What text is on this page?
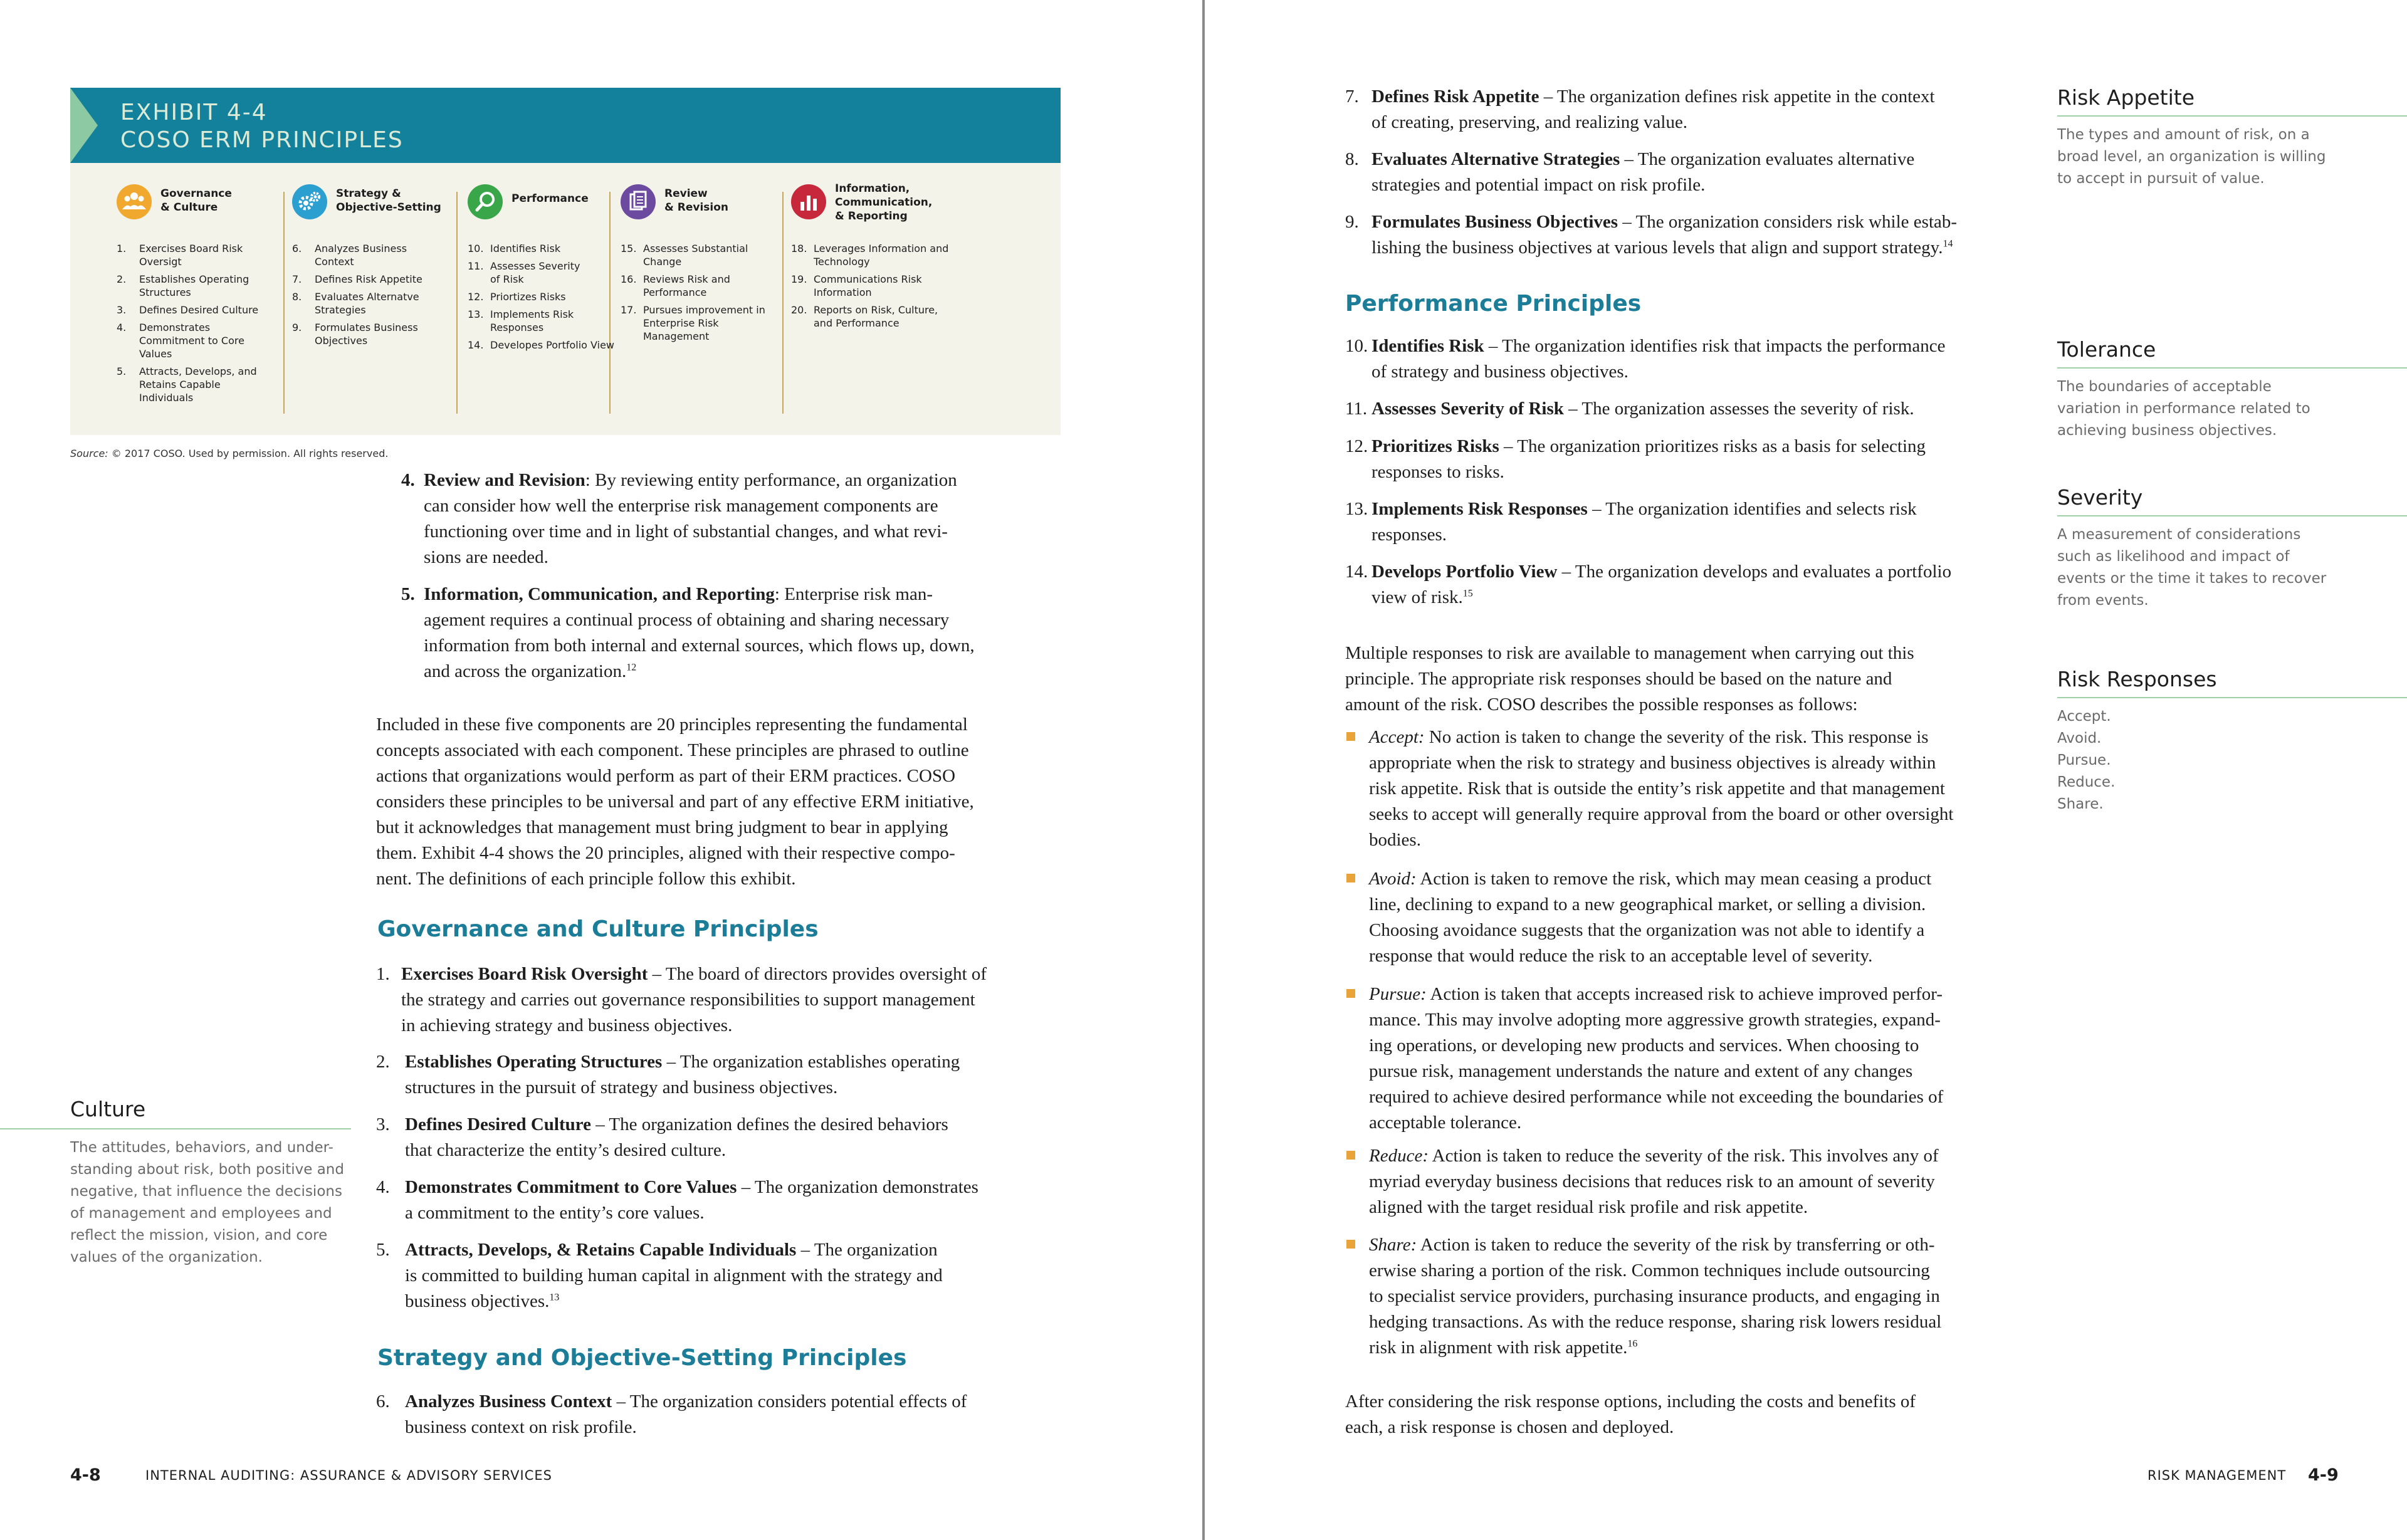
EXHIBIT 4-4
COSO ERM PRINCIPLES
Governance
& Culture
1. Exercises Board Risk Oversigt
2. Establishes Operating Structures
3. Defines Desired Culture
4. Demonstrates Commitment to Core Values
5. Attracts, Develops, and Retains Capable Individuals
Strategy &
Objective-Setting
6. Analyzes Business Context
7. Defines Risk Appetite
8. Evaluates Alternatve Strategies
9. Formulates Business Objectives
Performance
10. Identifies Risk
11. Assesses Severity of Risk
12. Priortizes Risks
13. Implements Risk Responses
14. Developes Portfolio View
Review
& Revision
15. Assesses Substantial Change
16. Reviews Risk and Performance
17. Pursues improvement in Enterprise Risk Management
Information,
Communication,
& Reporting
18. Leverages Information and Technology
19. Communications Risk Information
20. Reports on Risk, Culture, and Performance
Source: © 2017 COSO. Used by permission. All rights reserved.
4. Review and Revision: By reviewing entity performance, an organization
can consider how well the enterprise risk management components are
functioning over time and in light of substantial changes, and what revi-
sions are needed.
5. Information, Communication, and Reporting: Enterprise risk man-
agement requires a continual process of obtaining and sharing necessary
information from both internal and external sources, which flows up, down,
and across the organization.$^{12}$
Included in these five components are 20 principles representing the fundamental
concepts associated with each component. These principles are phrased to outline
actions that organizations would perform as part of their ERM practices. COSO
considers these principles to be universal and part of any effective ERM initiative,
but it acknowledges that management must bring judgment to bear in applying
them. Exhibit 4-4 shows the 20 principles, aligned with their respective compo-
nent. The definitions of each principle follow this exhibit.
Governance and Culture Principles
1. Exercises Board Risk Oversight – The board of directors provides oversight of
the strategy and carries out governance responsibilities to support management
in achieving strategy and business objectives.
2. Establishes Operating Structures – The organization establishes operating
structures in the pursuit of strategy and business objectives.
3. Defines Desired Culture – The organization defines the desired behaviors
that characterize the entity’s desired culture.
4. Demonstrates Commitment to Core Values – The organization demonstrates
a commitment to the entity’s core values.
5. Attracts, Develops, & Retains Capable Individuals – The organization
is committed to building human capital in alignment with the strategy and
business objectives.$^{13}$
Strategy and Objective-Setting Principles
6. Analyzes Business Context – The organization considers potential effects of
business context on risk profile.
Culture
The attitudes, behaviors, and under-
standing about risk, both positive and
negative, that influence the decisions
of management and employees and
reflect the mission, vision, and core
values of the organization.
4-8	INTERNAL AUDITING: ASSURANCE & ADVISORY SERVICES
7. Defines Risk Appetite – The organization defines risk appetite in the context
of creating, preserving, and realizing value.
8. Evaluates Alternative Strategies – The organization evaluates alternative
strategies and potential impact on risk profile.
9. Formulates Business Objectives – The organization considers risk while estab-
lishing the business objectives at various levels that align and support strategy.$^{14}$
Performance Principles
10. Identifies Risk – The organization identifies risk that impacts the performance
of strategy and business objectives.
11. Assesses Severity of Risk – The organization assesses the severity of risk.
12. Prioritizes Risks – The organization prioritizes risks as a basis for selecting
responses to risks.
13. Implements Risk Responses – The organization identifies and selects risk
responses.
14. Develops Portfolio View – The organization develops and evaluates a portfolio
view of risk.$^{15}$
Multiple responses to risk are available to management when carrying out this
principle. The appropriate risk responses should be based on the nature and
amount of the risk. COSO describes the possible responses as follows:
Accept: No action is taken to change the severity of the risk. This response is
appropriate when the risk to strategy and business objectives is already within
risk appetite. Risk that is outside the entity’s risk appetite and that management
seeks to accept will generally require approval from the board or other oversight
bodies.
Avoid: Action is taken to remove the risk, which may mean ceasing a product
line, declining to expand to a new geographical market, or selling a division.
Choosing avoidance suggests that the organization was not able to identify a
response that would reduce the risk to an acceptable level of severity.
Pursue: Action is taken that accepts increased risk to achieve improved perfor-
mance. This may involve adopting more aggressive growth strategies, expand-
ing operations, or developing new products and services. When choosing to
pursue risk, management understands the nature and extent of any changes
required to achieve desired performance while not exceeding the boundaries of
acceptable tolerance.
Reduce: Action is taken to reduce the severity of the risk. This involves any of
myriad everyday business decisions that reduces risk to an amount of severity
aligned with the target residual risk profile and risk appetite.
Share: Action is taken to reduce the severity of the risk by transferring or oth-
erwise sharing a portion of the risk. Common techniques include outsourcing
to specialist service providers, purchasing insurance products, and engaging in
hedging transactions. As with the reduce response, sharing risk lowers residual
risk in alignment with risk appetite.$^{16}$
After considering the risk response options, including the costs and benefits of
each, a risk response is chosen and deployed.
Risk Appetite
The types and amount of risk, on a
broad level, an organization is willing
to accept in pursuit of value.
Tolerance
The boundaries of acceptable
variation in performance related to
achieving business objectives.
Severity
A measurement of considerations
such as likelihood and impact of
events or the time it takes to recover
from events.
Risk Responses
Accept.
Avoid.
Pursue.
Reduce.
Share.
RISK MANAGEMENT 4-9
